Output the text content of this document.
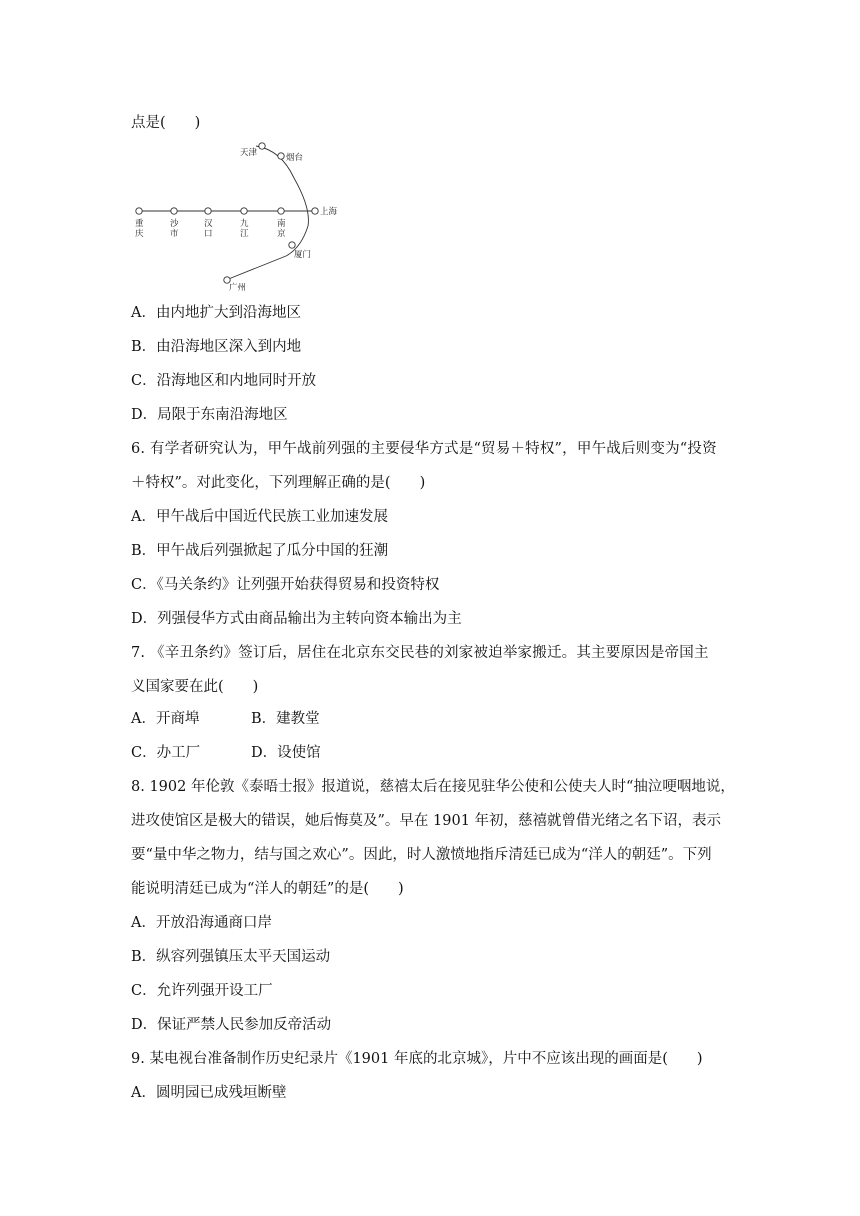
点是(　　)
重
庆
沙
市
汉
口
九
江
南
京
上海
天津	烟台
厦门
广州
A．由内地扩大到沿海地区
B．由沿海地区深入到内地
C．沿海地区和内地同时开放
D．局限于东南沿海地区
6. 有学者研究认为，甲午战前列强的主要侵华方式是“贸易＋特权”，甲午战后则变为“投资
＋特权”。对此变化，下列理解正确的是(　　)
A．甲午战后中国近代民族工业加速发展
B．甲午战后列强掀起了瓜分中国的狂潮
C．《马关条约》让列强开始获得贸易和投资特权
D．列强侵华方式由商品输出为主转向资本输出为主
7. 《辛丑条约》签订后，居住在北京东交民巷的刘家被迫举家搬迁。其主要原因是帝国主
义国家要在此(　　)
A．开商埠	B．建教堂
C．办工厂	D．设使馆
8. 1902 年伦敦《泰晤士报》报道说，慈禧太后在接见驻华公使和公使夫人时“抽泣哽咽地说，
进攻使馆区是极大的错误，她后悔莫及”。早在 1901 年初，慈禧就曾借光绪之名下诏，表示
要“量中华之物力，结与国之欢心”。因此，时人激愤地指斥清廷已成为“洋人的朝廷”。下列
能说明清廷已成为“洋人的朝廷”的是(　　)
A．开放沿海通商口岸
B．纵容列强镇压太平天国运动
C．允许列强开设工厂
D．保证严禁人民参加反帝活动
9. 某电视台准备制作历史纪录片《1901 年底的北京城》，片中不应该出现的画面是(　　)
A．圆明园已成残垣断壁
